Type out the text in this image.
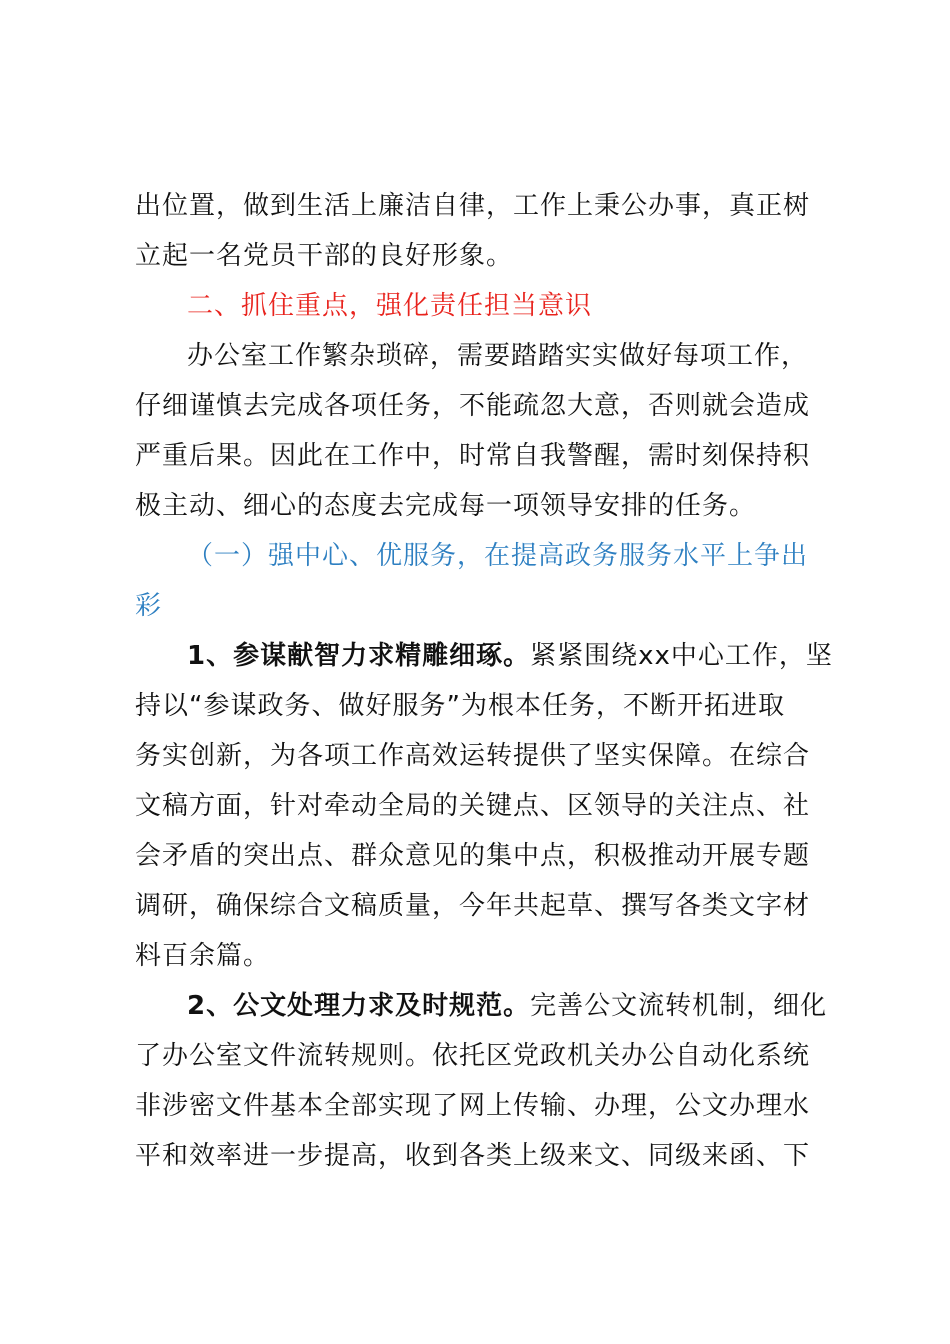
出位置，做到生活上廉洁自律，工作上秉公办事，真正树
立起一名党员干部的良好形象。
二、抓住重点，强化责任担当意识
办公室工作繁杂琐碎，需要踏踏实实做好每项工作，
仔细谨慎去完成各项任务，不能疏忽大意，否则就会造成
严重后果。因此在工作中，时常自我警醒，需时刻保持积
极主动、细心的态度去完成每一项领导安排的任务。
（一）强中心、优服务，在提高政务服务水平上争出
彩
1、参谋献智力求精雕细琢。紧紧围绕xx中心工作，坚
持以“参谋政务、做好服务”为根本任务，不断开拓进取
务实创新，为各项工作高效运转提供了坚实保障。在综合
文稿方面，针对牵动全局的关键点、区领导的关注点、社
会矛盾的突出点、群众意见的集中点，积极推动开展专题
调研，确保综合文稿质量，今年共起草、撰写各类文字材
料百余篇。
2、公文处理力求及时规范。完善公文流转机制，细化
了办公室文件流转规则。依托区党政机关办公自动化系统
非涉密文件基本全部实现了网上传输、办理，公文办理水
平和效率进一步提高，收到各类上级来文、同级来函、下
